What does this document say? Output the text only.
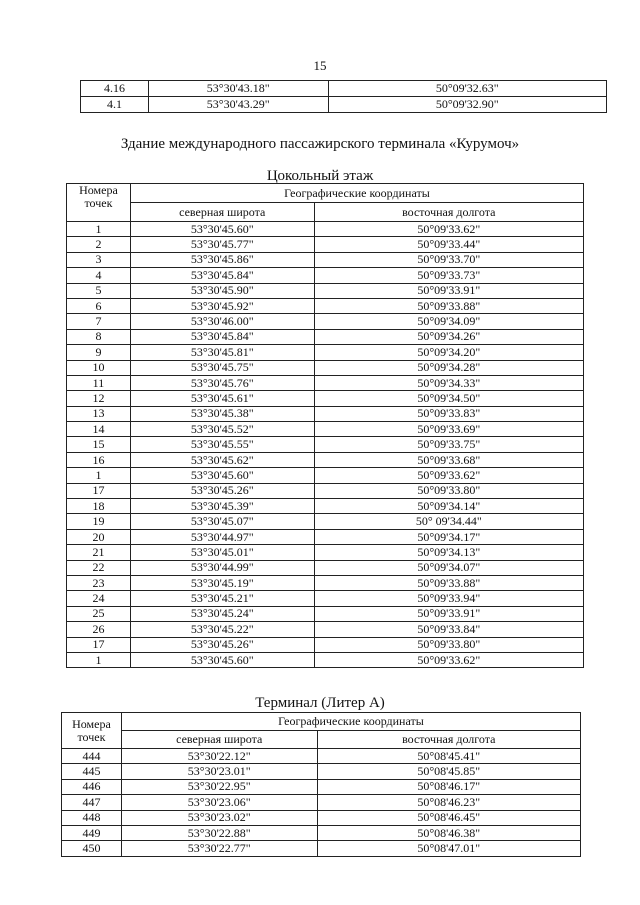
15
4.16	53°30'43.18"	50°09'32.63"
4.1	53°30'43.29"	50°09'32.90"
Здание международного пассажирского терминала «Курумоч»
Цокольный этаж
Номера точек	Географические координаты	
	северная широта	восточная долгота
1	53°30'45.60"	50°09'33.62"
2	53°30'45.77"	50°09'33.44"
3	53°30'45.86"	50°09'33.70"
4	53°30'45.84"	50°09'33.73"
5	53°30'45.90"	50°09'33.91"
6	53°30'45.92"	50°09'33.88"
7	53°30'46.00"	50°09'34.09"
8	53°30'45.84"	50°09'34.26"
9	53°30'45.81"	50°09'34.20"
10	53°30'45.75"	50°09'34.28"
11	53°30'45.76"	50°09'34.33"
12	53°30'45.61"	50°09'34.50"
13	53°30'45.38"	50°09'33.83"
14	53°30'45.52"	50°09'33.69"
15	53°30'45.55"	50°09'33.75"
16	53°30'45.62"	50°09'33.68"
1	53°30'45.60"	50°09'33.62"
17	53°30'45.26"	50°09'33.80"
18	53°30'45.39"	50°09'34.14"
19	53°30'45.07"	50° 09'34.44"
20	53°30'44.97"	50°09'34.17"
21	53°30'45.01"	50°09'34.13"
22	53°30'44.99"	50°09'34.07"
23	53°30'45.19"	50°09'33.88"
24	53°30'45.21"	50°09'33.94"
25	53°30'45.24"	50°09'33.91"
26	53°30'45.22"	50°09'33.84"
17	53°30'45.26"	50°09'33.80"
1	53°30'45.60"	50°09'33.62"
Терминал (Литер А)
Номера точек	Географические координаты	
	северная широта	восточная долгота
444	53°30'22.12"	50°08'45.41"
445	53°30'23.01"	50°08'45.85"
446	53°30'22.95"	50°08'46.17"
447	53°30'23.06"	50°08'46.23"
448	53°30'23.02"	50°08'46.45"
449	53°30'22.88"	50°08'46.38"
450	53°30'22.77"	50°08'47.01"
